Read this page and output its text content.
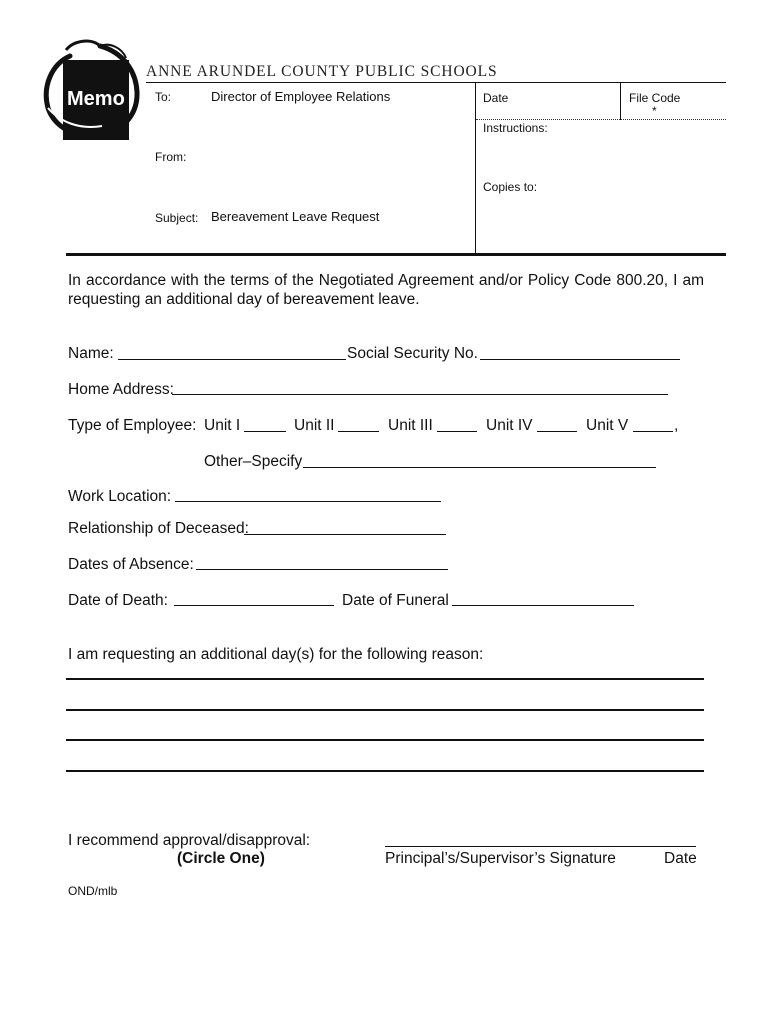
Memo
ANNE ARUNDEL COUNTY PUBLIC SCHOOLS
To:	Director of Employee Relations	Date	File Code
*
Instructions:
From:
Copies to:
Subject: Bereavement Leave Request
In accordance with the terms of the Negotiated Agreement and/or Policy Code 800.20, I am requesting an additional day of bereavement leave.
Name:	Social Security No.
Home Address:
Type of Employee: Unit I	Unit II	Unit III	Unit IV	Unit V	,
Other–Specify
Work Location:
Relationship of Deceased:
Dates of Absence:
Date of Death:	Date of Funeral
I am requesting an additional day(s) for the following reason:
I recommend approval/disapproval:
(Circle One)	Principal’s/Supervisor’s Signature	Date
OND/mlb
